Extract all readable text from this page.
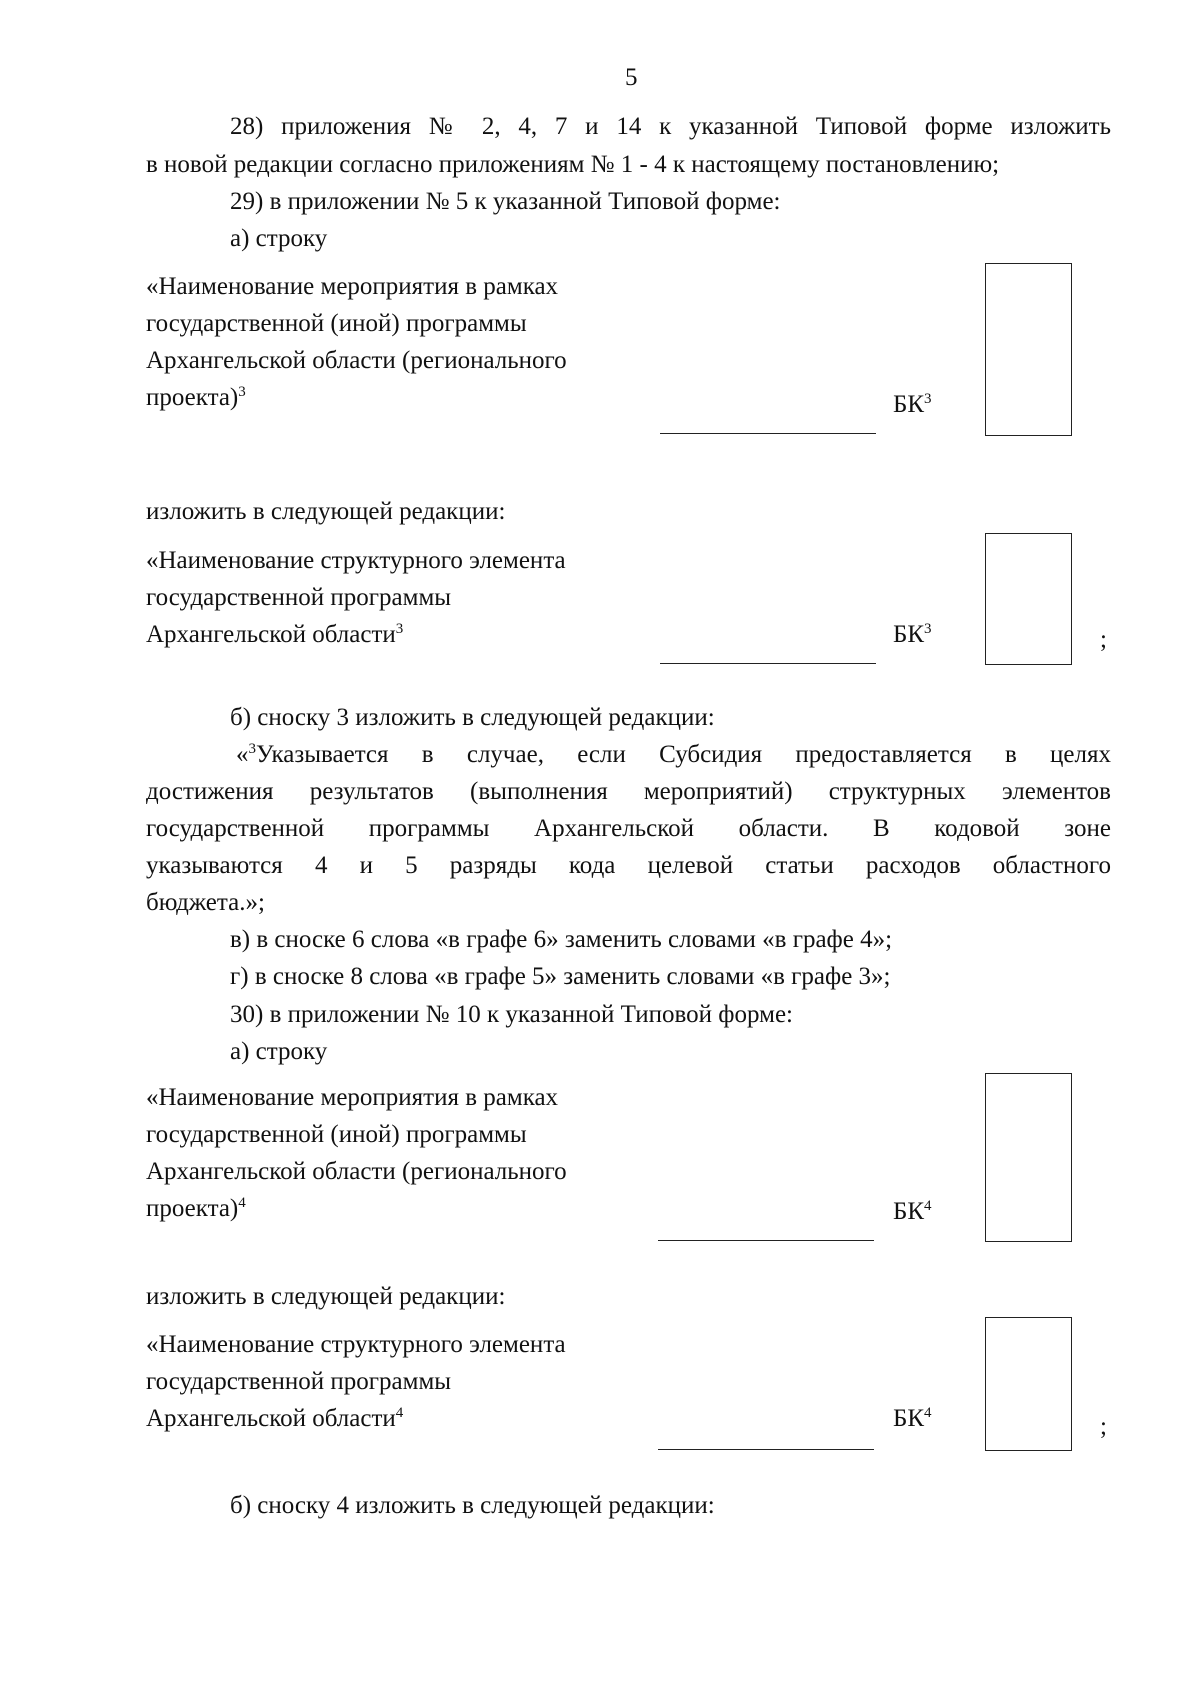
5

28) приложения № 2, 4, 7 и 14 к указанной Типовой форме изложить

в новой редакции согласно приложениям № 1 - 4 к настоящему постановлению;
29) в приложении № 5 к указанной Типовой форме:
а) строку
«Наименование мероприятия в рамках
государственной (иной) программы
Архангельской области (регионального
проекта)$^3$	$БК^3$
изложить в следующей редакции:
«Наименование структурного элемента
государственной программы
Архангельской области$^3$	$БК^3$	;
б) сноску 3 изложить в следующей редакции:

«$^3$Указывается в случае, если Субсидия предоставляется в целях

достижения результатов (выполнения мероприятий) структурных элементов

государственной программы Архангельской области. В кодовой зоне

указываются 4 и 5 разряды кода целевой статьи расходов областного

бюджета.»;
в) в сноске 6 слова «в графе 6» заменить словами «в графе 4»;
г) в сноске 8 слова «в графе 5» заменить словами «в графе 3»;
30) в приложении № 10 к указанной Типовой форме:
а) строку
«Наименование мероприятия в рамках
государственной (иной) программы
Архангельской области (регионального
проекта)$^4$	$БК^4$
изложить в следующей редакции:
«Наименование структурного элемента
государственной программы
Архангельской области$^4$	$БК^4$	;
б) сноску 4 изложить в следующей редакции:
